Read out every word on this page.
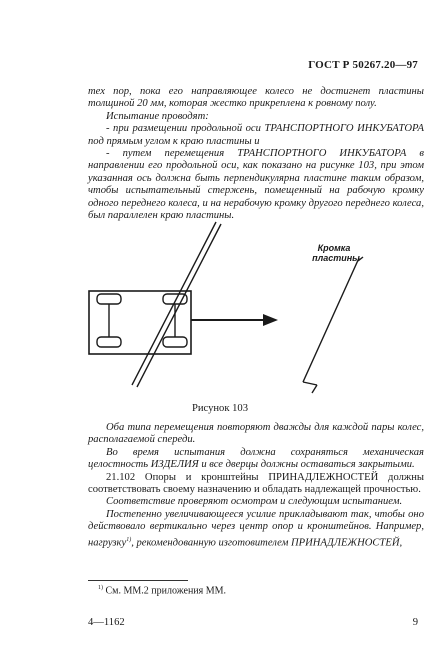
ГОСТ Р 50267.20—97

тех пор, пока его направляющее колесо не достигнет пластины толщиной 20 мм, которая жестко прикреплена к ровному полу.

Испытание проводят:

- при размещении продольной оси ТРАНСПОРТНОГО ИНКУБАТОРА под прямым углом к краю пластины и

- путем перемещения ТРАНСПОРТНОГО ИНКУБАТОРА в направлении его продольной оси, как показано на рисунке 103, при этом указанная ось должна быть перпендикулярна пластине таким образом, чтобы испытательный стержень, помещенный на рабочую кромку одного переднего колеса, и на нерабочую кромку другого переднего колеса, был параллелен краю пластины.

Кромка
пластины
Рисунок 103

Оба типа перемещения повторяют дважды для каждой пары колес, располагаемой спереди.

Во время испытания должна сохраняться механическая целостность ИЗДЕЛИЯ и все дверцы должны оставаться закрытыми.

21.102 Опоры и кронштейны ПРИНАДЛЕЖНОСТЕЙ должны соответствовать своему назначению и обладать надлежащей прочностью.

Соответствие проверяют осмотром и следующим испытанием.

Постепенно увеличивающееся усилие прикладывают так, чтобы оно действовало вертикально через центр опор и кронштейнов. Например, нагрузку$^{1)}$, рекомендованную изготовителем ПРИНАДЛЕЖНОСТЕЙ,

$^{1)}$ См. ММ.2 приложения ММ.
4—1162	9
